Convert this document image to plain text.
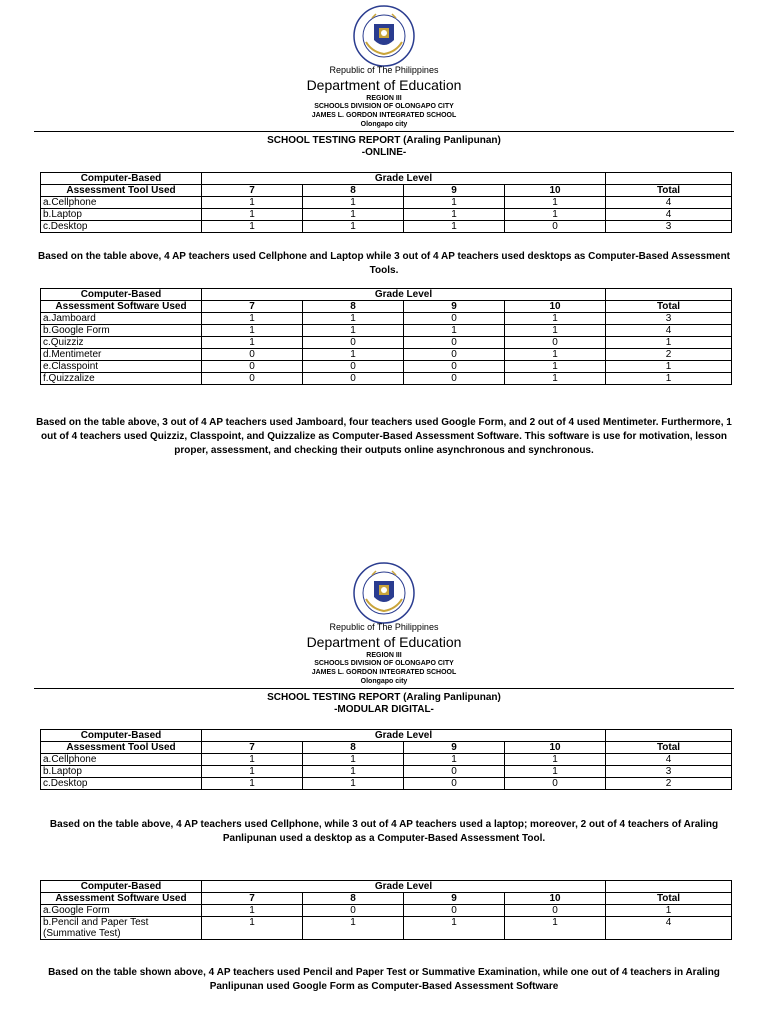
Republic of The Philippines
Department of Education
REGION III
SCHOOLS DIVISION OF OLONGAPO CITY
JAMES L. GORDON INTEGRATED SCHOOL
Olongapo city
SCHOOL TESTING REPORT (Araling Panlipunan)
-ONLINE-
Computer-Based	Grade Level				
Assessment Tool Used	7	8	9	10	Total
a.Cellphone	1	1	1	1	4
b.Laptop	1	1	1	1	4
c.Desktop	1	1	1	0	3
Based on the table above, 4 AP teachers used Cellphone and Laptop while 3 out of 4 AP teachers used desktops as Computer-Based Assessment Tools.
Computer-Based	Grade Level				
Assessment Software Used	7	8	9	10	Total
a.Jamboard	1	1	0	1	3
b.Google Form	1	1	1	1	4
c.Quizziz	1	0	0	0	1
d.Mentimeter	0	1	0	1	2
e.Classpoint	0	0	0	1	1
f.Quizzalize	0	0	0	1	1
Based on the table above, 3 out of 4 AP teachers used Jamboard, four teachers used Google Form, and 2 out of 4 used Mentimeter. Furthermore, 1 out of 4 teachers used Quizziz, Classpoint, and Quizzalize as Computer-Based Assessment Software. This software is use for motivation, lesson proper, assessment, and checking their outputs online asynchronous and synchronous.
Republic of The Philippines
Department of Education
REGION III
SCHOOLS DIVISION OF OLONGAPO CITY
JAMES L. GORDON INTEGRATED SCHOOL
Olongapo city
SCHOOL TESTING REPORT (Araling Panlipunan)
-MODULAR DIGITAL-
Computer-Based	Grade Level				
Assessment Tool Used	7	8	9	10	Total
a.Cellphone	1	1	1	1	4
b.Laptop	1	1	0	1	3
c.Desktop	1	1	0	0	2
Based on the table above, 4 AP teachers used Cellphone, while 3 out of 4 AP teachers used a laptop; moreover, 2 out of 4 teachers of Araling Panlipunan used a desktop as a Computer-Based Assessment Tool.
Computer-Based	Grade Level				
Assessment Software Used	7	8	9	10	Total
a.Google Form	1	0	0	0	1
b.Pencil and Paper Test (Summative Test)	1	1	1	1	4
Based on the table shown above, 4 AP teachers used Pencil and Paper Test or Summative Examination, while one out of 4 teachers in Araling Panlipunan used Google Form as Computer-Based Assessment Software
